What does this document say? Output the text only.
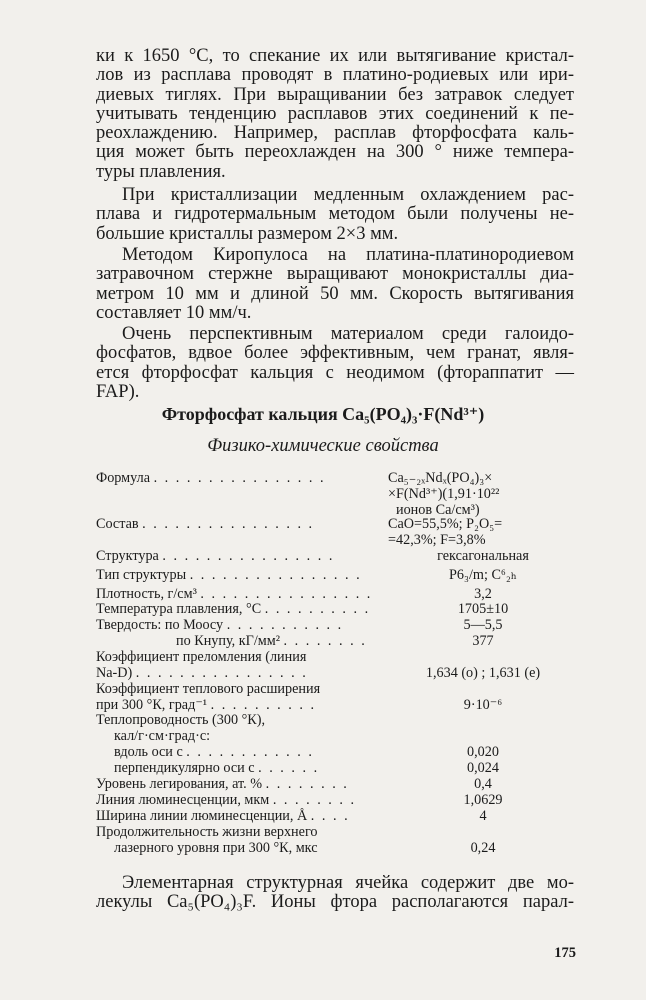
ки к 1650 °С, то спекание их или вытягивание кристал-
лов из расплава проводят в платино-родиевых или ири-
диевых тиглях. При выращивании без затравок следует
учитывать тенденцию расплавов этих соединений к пе-
реохлаждению. Например, расплав фторфосфата каль-
ция может быть переохлажден на 300 ° ниже темпера-
туры плавления.
При кристаллизации медленным охлаждением рас-
плава и гидротермальным методом были получены не-
большие кристаллы размером 2×3 мм.
Методом Киропулоса на платина-платинородиевом
затравочном стержне выращивают монокристаллы диа-
метром 10 мм и длиной 50 мм. Скорость вытягивания
составляет 10 мм/ч.
Очень перспективным материалом среди галоидо-
фосфатов, вдвое более эффективным, чем гранат, явля-
ется фторфосфат кальция с неодимом (фтораппатит —
FAP).
Фторфосфат кальция Ca₅(PO₄)₃·F(Nd³⁺)
Физико-химические свойства
Формула . . . . . . . . . . . . . . . .	Ca₅₋₂ₓNdₓ(PO₄)₃×
×F(Nd³⁺)(1,91·10²²
ионов Ca/см³)
Состав . . . . . . . . . . . . . . . .	CaO=55,5%; P₂O₅=
=42,3%; F=3,8%
Структура . . . . . . . . . . . . . . . .	гексагональная
Тип структуры . . . . . . . . . . . . . . . .	P6₃/m; C⁶₂ₕ
Плотность, г/см³ . . . . . . . . . . . . . . . .	3,2
Температура плавления, °С . . . . . . . . . .	1705±10
Твердость: по Моосу . . . . . . . . . . .	5—5,5
по Кнупу, кГ/мм² . . . . . . . .	377
Коэффициент преломления (линия
Na-D) . . . . . . . . . . . . . . . .	1,634 (o) ; 1,631 (e)
Коэффициент теплового расширения
при 300 °К, град⁻¹ . . . . . . . . . .	9·10⁻⁶
Теплопроводность (300 °К),
кал/г·см·град·с:
вдоль оси c . . . . . . . . . . . .	0,020
перпендикулярно оси c . . . . . .	0,024
Уровень легирования, ат. % . . . . . . . .	0,4
Линия люминесценции, мкм . . . . . . . .	1,0629
Ширина линии люминесценции, Å . . . .	4
Продолжительность жизни верхнего
лазерного уровня при 300 °К, мкс	0,24
Элементарная структурная ячейка содержит две мо-
лекулы Ca₅(PO₄)₃F. Ионы фтора располагаются парал-
175
